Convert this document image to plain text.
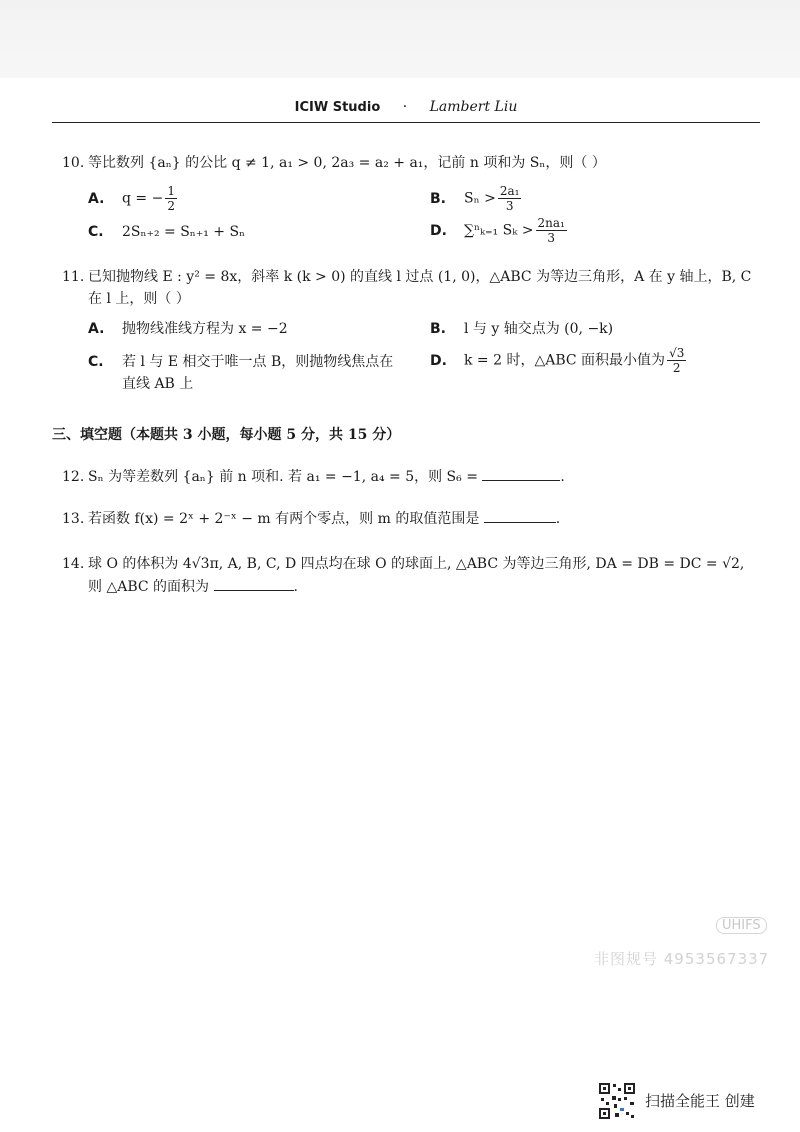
ICIW Studio · Lambert Liu
10. 等比数列 {aₙ} 的公比 q ≠ 1, a₁ > 0, 2a₃ = a₂ + a₁，记前 n 项和为 Sₙ，则（ ）
A. q = − $\frac{1}{2}$	B. $S_n > \frac{\text{2a₁}}{3}$
C. 2Sₙ₊₂ = Sₙ₊₁ + Sₙ	D. ∑ⁿₖ₌₁ $S_k > \frac{\text{2na₁}}{3}$
11. 已知抛物线 E : y² = 8x，斜率 k (k > 0) 的直线 l 过点 (1, 0)，△ABC 为等边三角形，A 在 y 轴上，B, C
在 l 上，则（ ）
A. 抛物线准线方程为 x = −2	B. l 与 y 轴交点为 (0, −k)
C. 若 l 与 E 相交于唯一点 B，则抛物线焦点在
直线 AB 上
D. k = 2 时，△ABC 面积最小值为 $\frac{√3}{2}$
三、填空题（本题共 3 小题，每小题 5 分，共 15 分）
12. Sₙ 为等差数列 {aₙ} 前 n 项和. 若 a₁ = −1, a₄ = 5，则 S₆ =	.
13. 若函数 f(x) = 2ˣ + 2⁻ˣ − m 有两个零点，则 m 的取值范围是	.
14. 球 O 的体积为 4√3π, A, B, C, D 四点均在球 O 的球面上, △ABC 为等边三角形, DA = DB = DC = √2,
则 △ABC 的面积为	.
UHIFS
非图规号 4953567337
扫描全能王 创建
